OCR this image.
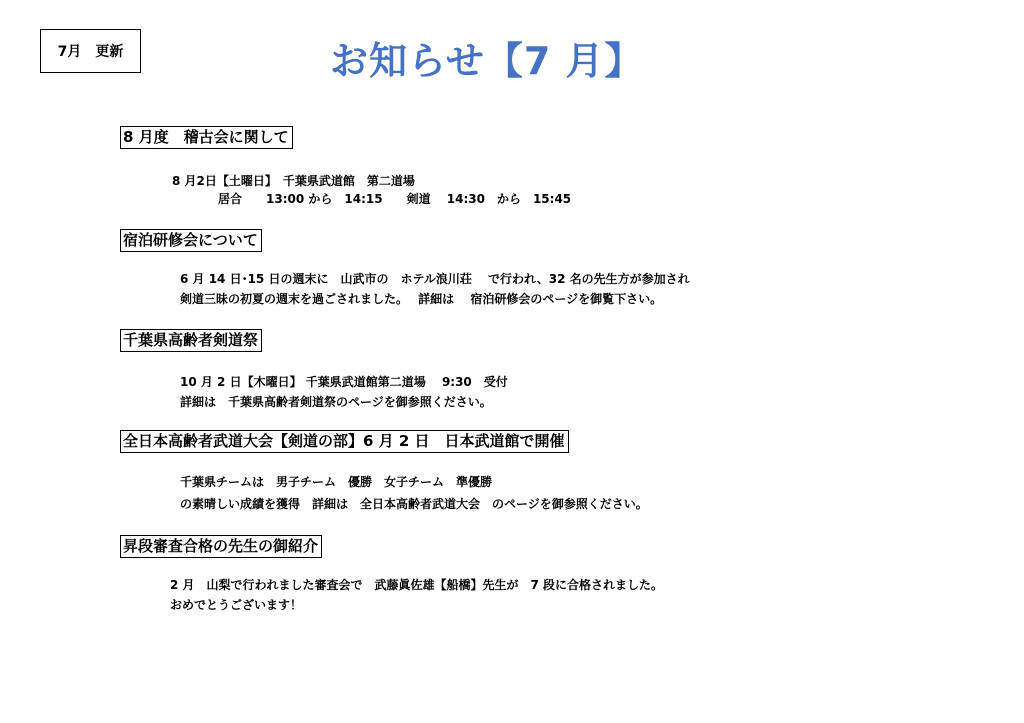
7月　更新	お知らせ【7 月】
8 月度　稽古会に関して
8 月2日【土曜日】　千葉県武道館　第二道場
居合　　13:00 から　14:15　　剣道　 14:30　から　15:45
宿泊研修会について
6 月 14 日･15 日の週末に　山武市の　ホテル浪川荘　 で行われ、32 名の先生方が参加され
剣道三昧の初夏の週末を過ごされました。　 詳細は　 宿泊研修会のページを御覧下さい。
千葉県高齢者剣道祭
10 月 2 日【木曜日】 千葉県武道館第二道場　 9:30　受付
詳細は　千葉県高齢者剣道祭のページを御参照ください。
全日本高齢者武道大会【剣道の部】6 月 2 日　日本武道館で開催
千葉県チームは　男子チーム　優勝　女子チーム　準優勝
の素晴しい成績を獲得　詳細は　全日本高齢者武道大会　のページを御参照ください。
昇段審査合格の先生の御紹介
2 月　山梨で行われました審査会で　武藤眞佐雄【船橋】先生が　7 段に合格されました。
おめでとうございます！
